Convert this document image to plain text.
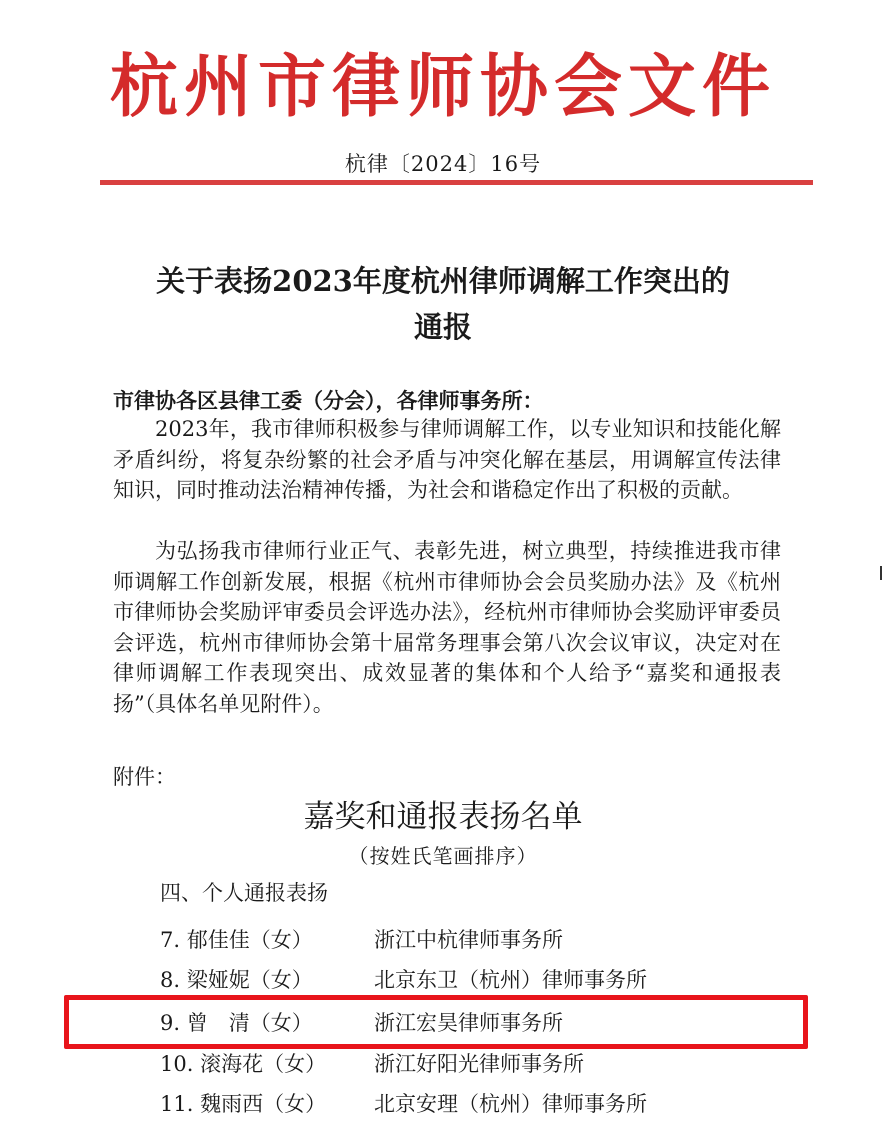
杭州市律师协会文件
杭律〔2024〕16号
关于表扬2023年度杭州律师调解工作突出的
通报
市律协各区县律工委（分会），各律师事务所：
2023年，我市律师积极参与律师调解工作，以专业知识和技能化解矛盾纠纷，将复杂纷繁的社会矛盾与冲突化解在基层，用调解宣传法律知识，同时推动法治精神传播，为社会和谐稳定作出了积极的贡献。
为弘扬我市律师行业正气、表彰先进，树立典型，持续推进我市律师调解工作创新发展，根据《杭州市律师协会会员奖励办法》及《杭州市律师协会奖励评审委员会评选办法》，经杭州市律师协会奖励评审委员会评选，杭州市律师协会第十届常务理事会第八次会议审议，决定对在律师调解工作表现突出、成效显著的集体和个人给予“嘉奖和通报表扬”（具体名单见附件）。
附件：
嘉奖和通报表扬名单
（按姓氏笔画排序）
四、个人通报表扬
7. 郁佳佳（女）	浙江中杭律师事务所
8. 梁娅妮（女）	北京东卫（杭州）律师事务所
9. 曾　清（女）	浙江宏昊律师事务所
10. 滚海花（女） 浙江好阳光律师事务所
11. 魏雨西（女） 北京安理（杭州）律师事务所
